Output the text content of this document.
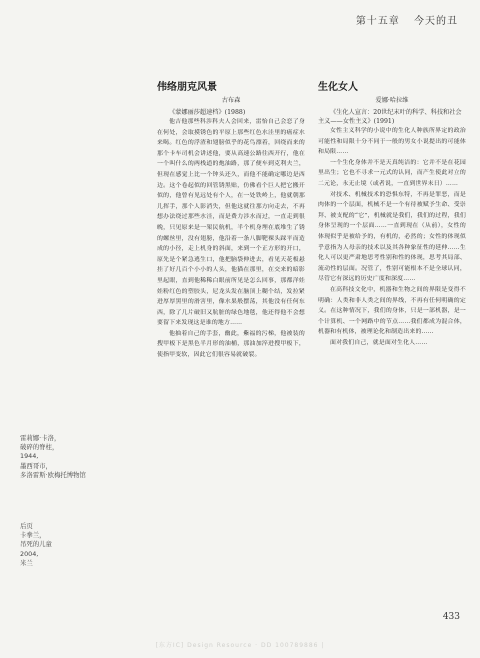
第十五章 今天的丑
伟络朋克风景
古布森
《蒙娜丽莎超速档》(1988)

他吉他那些科涉科夫人会回来，雷怡自己会恋了身在何处，会取摸锈色的平原上那些红色水洼里的癌症水来喝。红色的浮渣和翅膀似乎的花鸟漂着，回绕而来的那个卡车司机会讲述他，要从高速公路往西开行，他在一个叫什么的两栈道的炮油路，那了便车到克利夫兰，但现在感觉上比一个钟头还久，而他不能确定哪边是西边。这个卷起似的回管锈黑贴，仿佛看个巨人把它搬开似的，他曾有见远处有个人，在一处铁岭上，他就朝那儿挥手，那个人影消失，但他这就往那方向走去，不再想办法绕过那些水洼，而是费力涉水而过，一直走到很晚，只见原来是一架民航机，半个机身埋在底堆生了锈的螺丝里，没有翅膀，他沿着一条八脚靶裸头踩平而造成的小径，走上机身的斜面，来到一个正方形的开口，原先是个紧急逃生口，他把脑袋伸进去，看见天花板悬挂了好几百个小小的人头，他猫在那里，在交来的暗影里起眼，直到他稀稀白眼前所见是怎么回事，那都洋娃娃粉红色的塑胶头，尼龙头发在脑顶上糊个结，发拉紧进厚厚黑里的滑害里，像水果般摆荡，其他没有任何东西，除了几片破旧又肮脏的绿色地毯，他还得他不会想要留下来发现这是谁的地方……

他抽着自己的手套，幽此，紫福的污梯，他被装的搜甲板下是黑色半月形的油桶，那油加淬进搜甲板下，使指甲变软，因此它们很容易就破裂。

生化女人
爱娜·哈拉维
《生化人宣言：20世纪末叶的科学、科技和社会主义——女性主义》(1991)

女性主义科学的小说中的生化人种族所界定的政治可能性和局限十分不同于一般的男女小说提出的可能体和局限……

一个生化身体并不是天真纯洁的：它并不是在花园里出生；它也不寻求一元式的认同，而产生使此对立的二元论，永无止境（或者说，一直到世界末日）……

对技术、机械技术的恐惧东特，不再是罪恶，而是肉体的一个层面，机械不是一个有待被赋予生命、受崇拜、被支配的“它”，机械就是我们，我们的过程，我们身体呈现的一个层面……一直到现在（从前），女性的体现似乎是被给予的，有机的，必然的；女性的体现似乎意指为人母亲的技术以及其各种象征性的延伸……生化人可以更严肃地思考性别和性的体现，思考其局部、流动性的层面。况管了，性别可能根本不是全球认同，尽管它有深远的历史广度和深度……

在高科技文化中，机器和生物之间的界限是变得不明确：人类和非人类之间的界线，不再有任何明确的定义。在这种情况下，我们的身体，只是一部机器，是一个计算机、一个网路中的节点……我们都成为混合体，机器和有机体，被理论化和制造出来的……

面对我们自己，就是面对生化人……

雷莉娜·卡洛，
破碎的脊柱，
1944,
墨西哥市，
多洛雷斯·欧梅托博物馆
后页
卡拳兰，
吊死的儿童
2004,
米兰
433
[东方IC] Design Resource · DD 100789886 |
